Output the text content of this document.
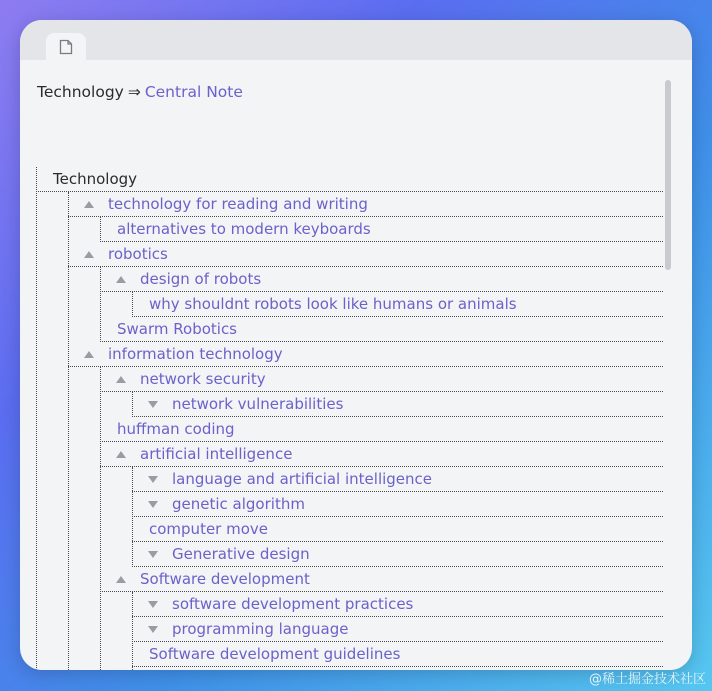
Technology ⇒ Central Note
Technology
technology for reading and writing
alternatives to modern keyboards
robotics
design of robots
why shouldnt robots look like humans or animals
Swarm Robotics
information technology
network security
network vulnerabilities
huffman coding
artificial intelligence
language and artificial intelligence
genetic algorithm
computer move
Generative design
Software development
software development practices
programming language
Software development guidelines
@稀土掘金技术社区
